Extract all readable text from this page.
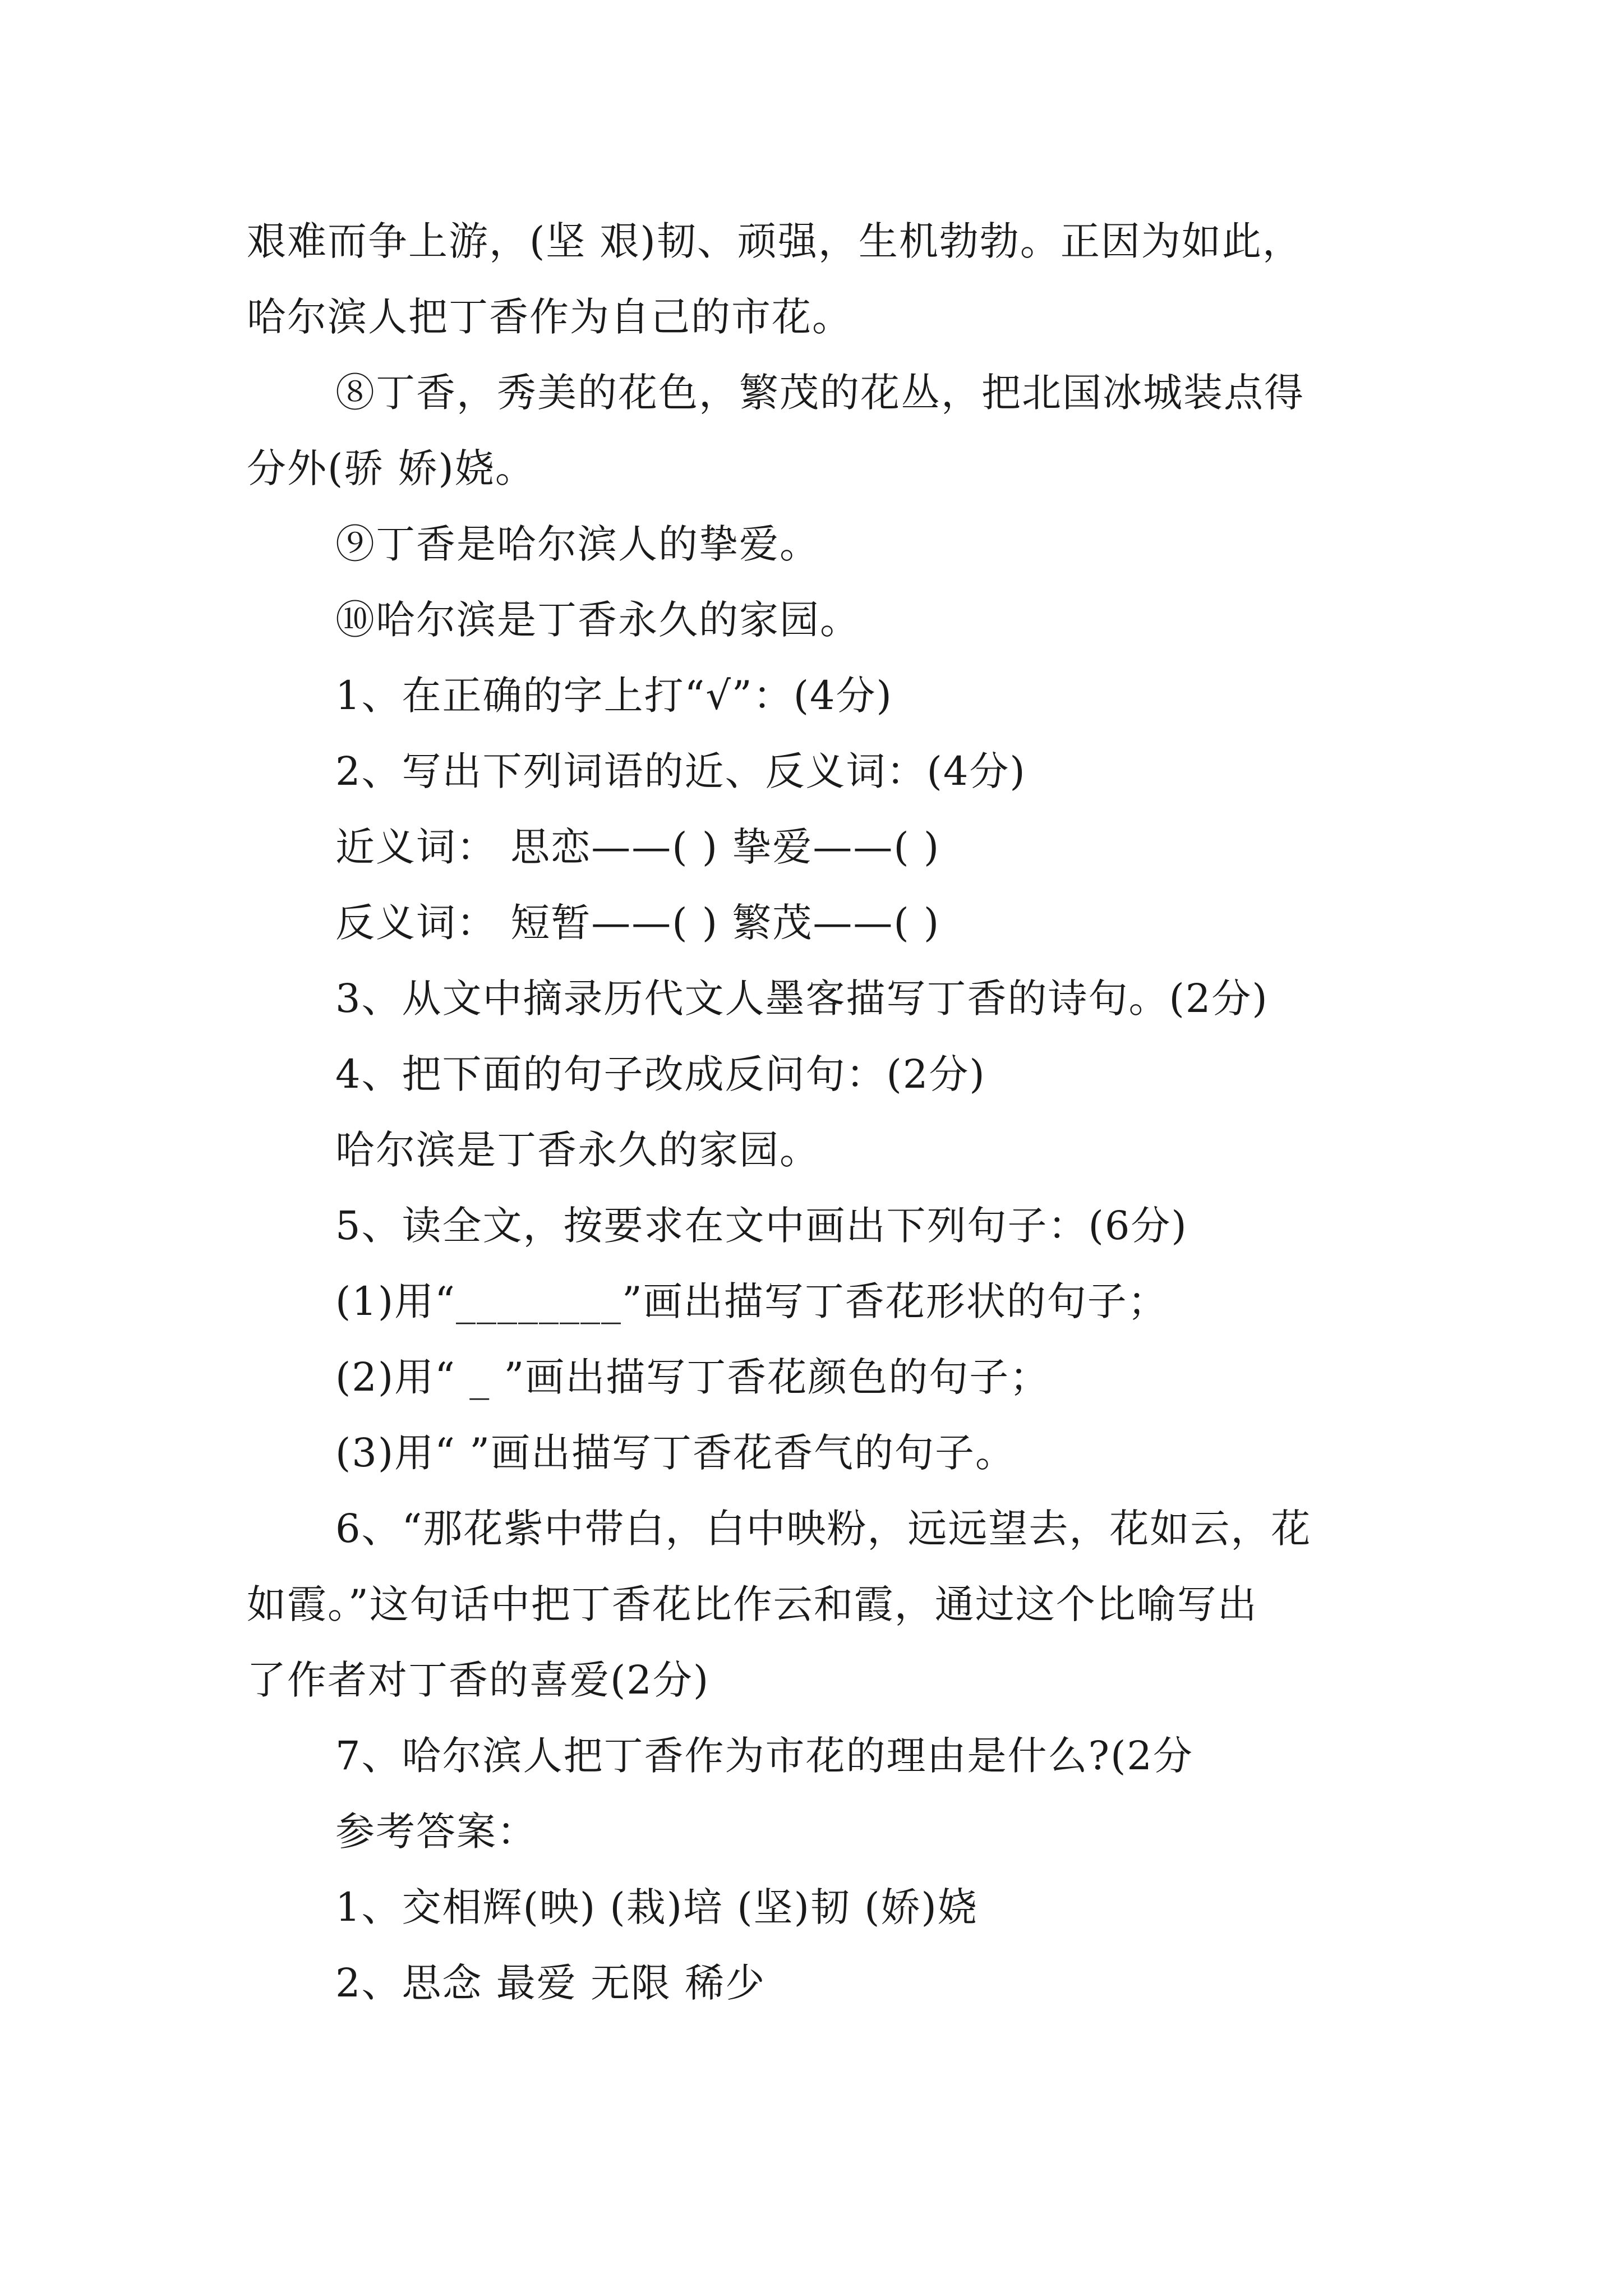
艰难而争上游，(坚 艰)韧、顽强，生机勃勃。正因为如此，
哈尔滨人把丁香作为自己的市花。
⑧丁香，秀美的花色，繁茂的花丛，把北国冰城装点得
分外(骄 娇)娆。
⑨丁香是哈尔滨人的挚爱。
⑩哈尔滨是丁香永久的家园。
1、在正确的字上打“√”：(4分)
2、写出下列词语的近、反义词：(4分)
近义词： 思恋——( ) 挚爱——( )
反义词： 短暂——( ) 繁茂——( )
3、从文中摘录历代文人墨客描写丁香的诗句。(2分)
4、把下面的句子改成反问句：(2分)
哈尔滨是丁香永久的家园。
5、读全文，按要求在文中画出下列句子：(6分)
(1)用“________”画出描写丁香花形状的句子；
(2)用“ _ ”画出描写丁香花颜色的句子；
(3)用“ ”画出描写丁香花香气的句子。
6、“那花紫中带白，白中映粉，远远望去，花如云，花
如霞。”这句话中把丁香花比作云和霞，通过这个比喻写出
了作者对丁香的喜爱(2分)
7、哈尔滨人把丁香作为市花的理由是什么?(2分
参考答案：
1、交相辉(映) (栽)培 (坚)韧 (娇)娆
2、思念 最爱 无限 稀少
